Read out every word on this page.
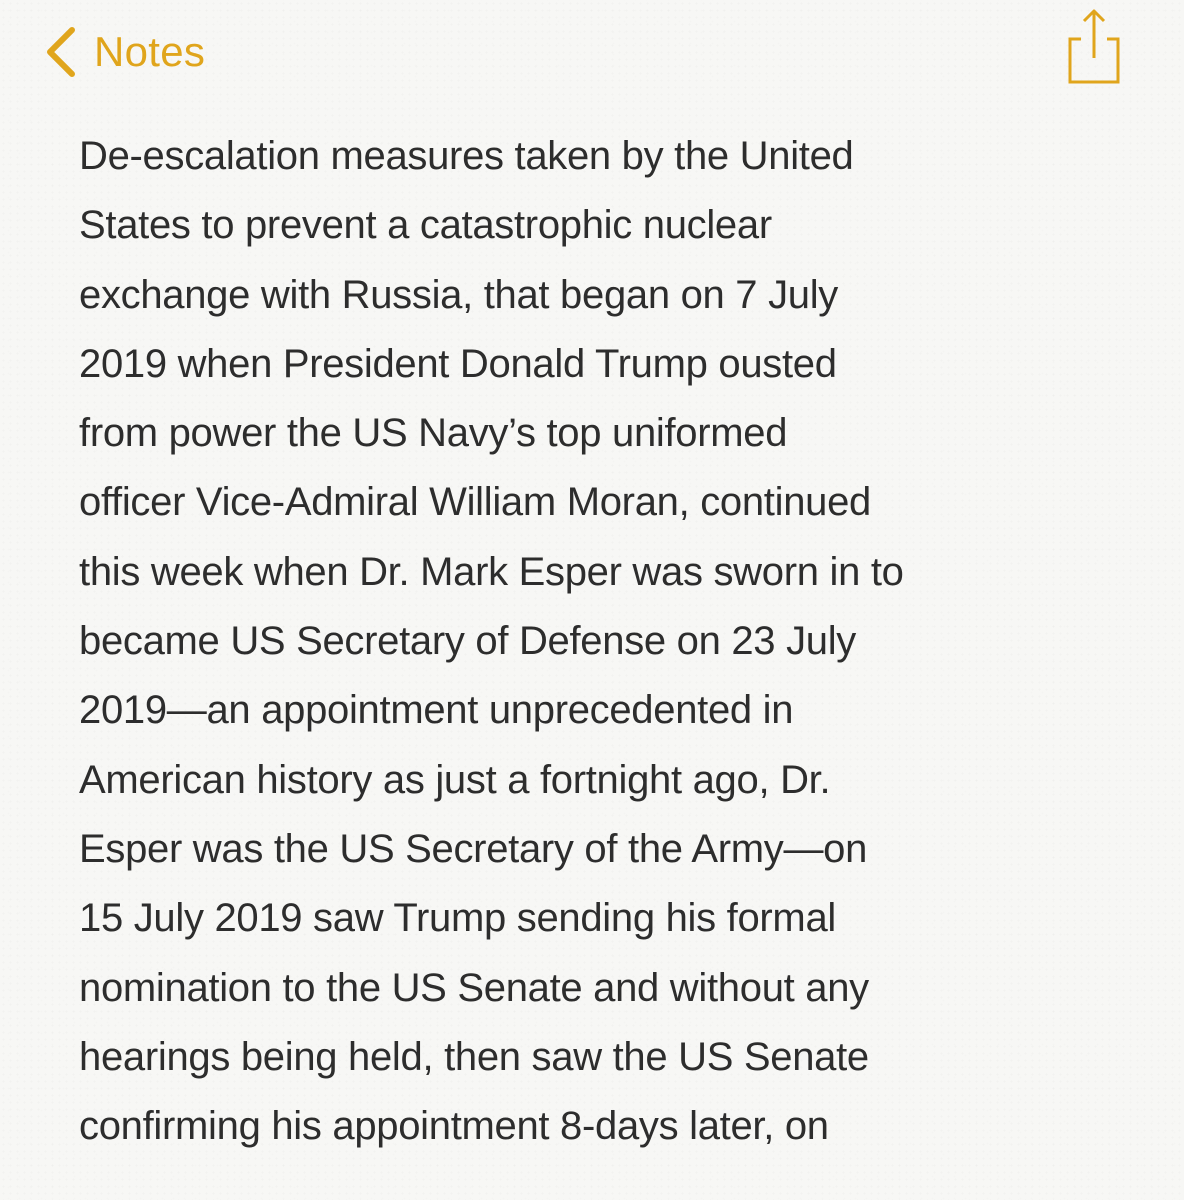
Notes
De-escalation measures taken by the United
States to prevent a catastrophic nuclear
exchange with Russia, that began on 7 July
2019 when President Donald Trump ousted
from power the US Navy’s top uniformed
officer Vice-Admiral William Moran, continued
this week when Dr. Mark Esper was sworn in to
became US Secretary of Defense on 23 July
2019—an appointment unprecedented in
American history as just a fortnight ago, Dr.
Esper was the US Secretary of the Army—on
15 July 2019 saw Trump sending his formal
nomination to the US Senate and without any
hearings being held, then saw the US Senate
confirming his appointment 8-days later, on
